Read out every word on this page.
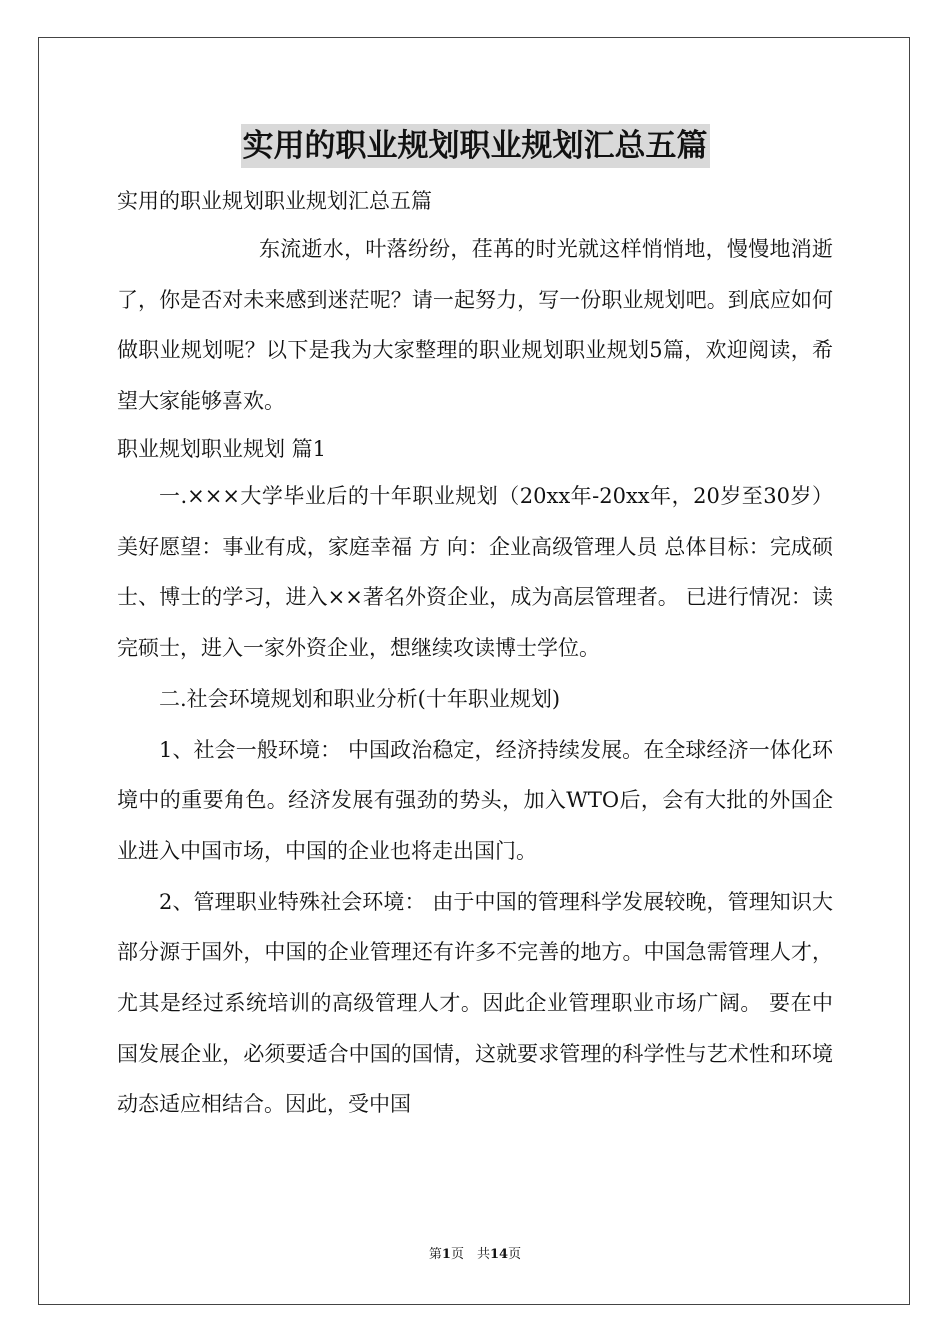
实用的职业规划职业规划汇总五篇
实用的职业规划职业规划汇总五篇

东流逝水，叶落纷纷，荏苒的时光就这样悄悄地，慢慢地消逝了，你是否对未来感到迷茫呢？请一起努力，写一份职业规划吧。到底应如何做职业规划呢？以下是我为大家整理的职业规划职业规划5篇，欢迎阅读，希望大家能够喜欢。

职业规划职业规划 篇1

一.×××大学毕业后的十年职业规划（20xx年-20xx年，20岁至30岁）美好愿望：事业有成，家庭幸福 方 向：企业高级管理人员 总体目标：完成硕士、博士的学习，进入××著名外资企业，成为高层管理者。 已进行情况：读完硕士，进入一家外资企业，想继续攻读博士学位。

二.社会环境规划和职业分析(十年职业规划)

1、社会一般环境： 中国政治稳定，经济持续发展。在全球经济一体化环境中的重要角色。经济发展有强劲的势头，加入WTO后，会有大批的外国企业进入中国市场，中国的企业也将走出国门。

2、管理职业特殊社会环境： 由于中国的管理科学发展较晚，管理知识大部分源于国外，中国的企业管理还有许多不完善的地方。中国急需管理人才，尤其是经过系统培训的高级管理人才。因此企业管理职业市场广阔。 要在中国发展企业，必须要适合中国的国情，这就要求管理的科学性与艺术性和环境动态适应相结合。因此，受中国

第1页　共14页
